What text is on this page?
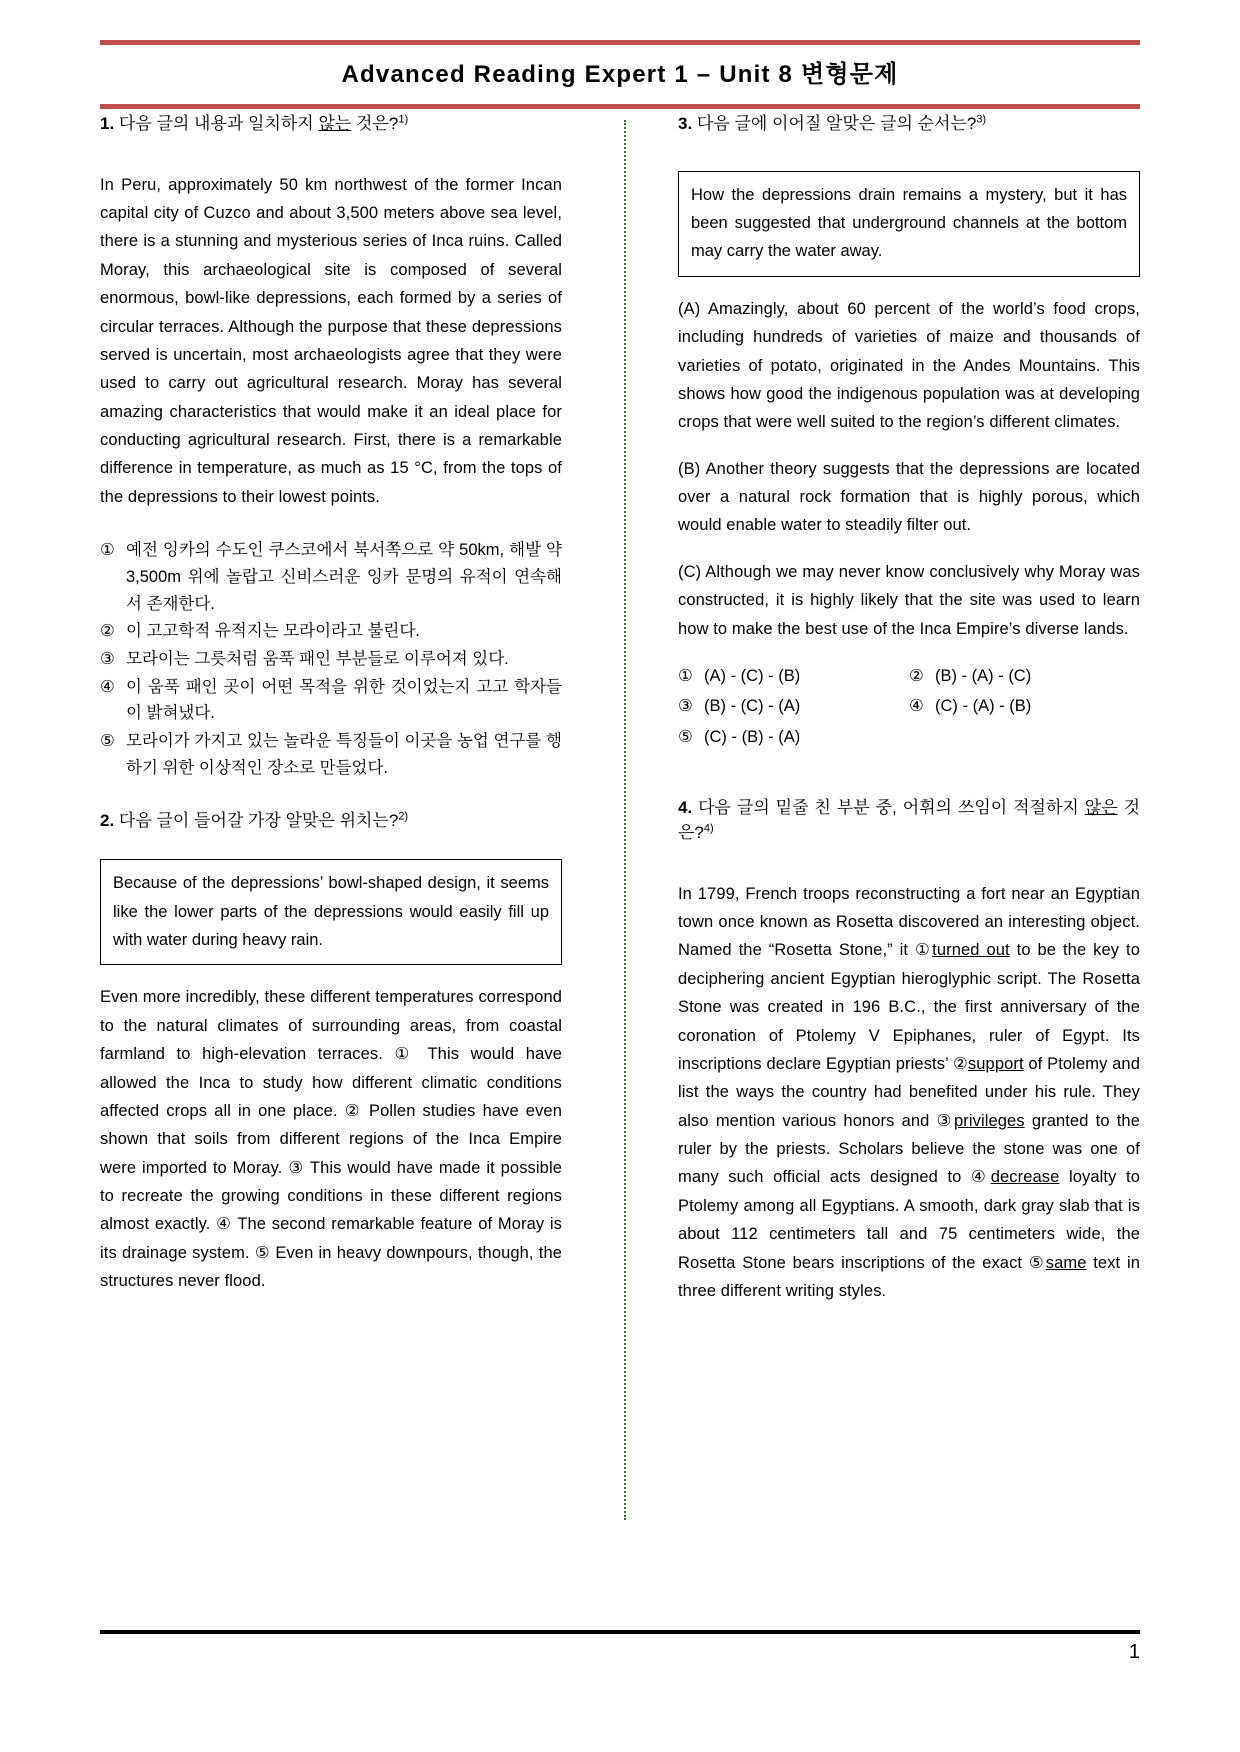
Advanced Reading Expert 1 – Unit 8 변형문제
1. 다음 글의 내용과 일치하지 않는 것은?$^{1)}$
In Peru, approximately 50 km northwest of the former Incan capital city of Cuzco and about 3,500 meters above sea level, there is a stunning and mysterious series of Inca ruins. Called Moray, this archaeological site is composed of several enormous, bowl-like depressions, each formed by a series of circular terraces. Although the purpose that these depressions served is uncertain, most archaeologists agree that they were used to carry out agricultural research. Moray has several amazing characteristics that would make it an ideal place for conducting agricultural research. First, there is a remarkable difference in temperature, as much as 15 °C, from the tops of the depressions to their lowest points.
① 예전 잉카의 수도인 쿠스코에서 북서쪽으로 약 50km, 해발 약 3,500m 위에 놀랍고 신비스러운 잉카 문명의 유적이 연속해서 존재한다.
② 이 고고학적 유적지는 모라이라고 불린다.
③ 모라이는 그릇처럼 움푹 패인 부분들로 이루어져 있다.
④ 이 움푹 패인 곳이 어떤 목적을 위한 것이었는지 고고 학자들이 밝혀냈다.
⑤ 모라이가 가지고 있는 놀라운 특징들이 이곳을 농업 연구를 행하기 위한 이상적인 장소로 만들었다.
2. 다음 글이 들어갈 가장 알맞은 위치는?$^{2)}$
Because of the depressions’ bowl-shaped design, it seems like the lower parts of the depressions would easily fill up with water during heavy rain.
Even more incredibly, these different temperatures correspond to the natural climates of surrounding areas, from coastal farmland to high-elevation terraces. ① This would have allowed the Inca to study how different climatic conditions affected crops all in one place. ② Pollen studies have even shown that soils from different regions of the Inca Empire were imported to Moray. ③ This would have made it possible to recreate the growing conditions in these different regions almost exactly. ④ The second remarkable feature of Moray is its drainage system. ⑤ Even in heavy downpours, though, the structures never flood.
3. 다음 글에 이어질 알맞은 글의 순서는?$^{3)}$
How the depressions drain remains a mystery, but it has been suggested that underground channels at the bottom may carry the water away.
(A) Amazingly, about 60 percent of the world’s food crops, including hundreds of varieties of maize and thousands of varieties of potato, originated in the Andes Mountains. This shows how good the indigenous population was at developing crops that were well suited to the region’s different climates.
(B) Another theory suggests that the depressions are located over a natural rock formation that is highly porous, which would enable water to steadily filter out.
(C) Although we may never know conclusively why Moray was constructed, it is highly likely that the site was used to learn how to make the best use of the Inca Empire’s diverse lands.
① (A) - (C) - (B)	② (B) - (A) - (C)
③ (B) - (C) - (A)	④ (C) - (A) - (B)
⑤ (C) - (B) - (A)
4. 다음 글의 밑줄 친 부분 중, 어휘의 쓰임이 적절하지 않은 것은?$^{4)}$

In 1799, French troops reconstructing a fort near an Egyptian town once known as Rosetta discovered an interesting object. Named the “Rosetta Stone,” it ①turned out to be the key to deciphering ancient Egyptian hieroglyphic script. The Rosetta Stone was created in 196 B.C., the first anniversary of the coronation of Ptolemy V Epiphanes, ruler of Egypt. Its inscriptions declare Egyptian priests’ ②support of Ptolemy and list the ways the country had benefited under his rule. They also mention various honors and ③privileges granted to the ruler by the priests. Scholars believe the stone was one of many such official acts designed to ④decrease loyalty to Ptolemy among all Egyptians. A smooth, dark gray slab that is about 112 centimeters tall and 75 centimeters wide, the Rosetta Stone bears inscriptions of the exact ⑤same text in three different writing styles.

1
